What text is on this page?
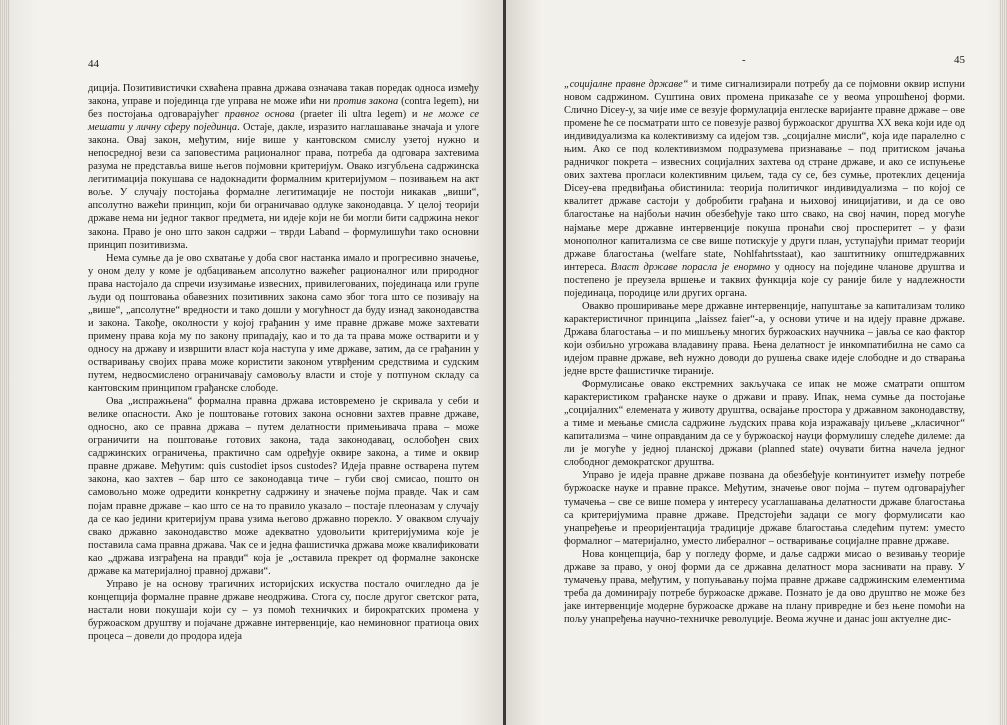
44

диција. Позитивистички схваћена правна држава означава такав поредак односа између закона, управе и појединца где управа не може ићи ни против закона (contra legem), ни без постојања одговарајућег правног основа (praeter ili ultra legem) и не може се мешати у личну сферу појединца. Остаје, дакле, изразито наглашавање значаја и улоге закона. Овај закон, међутим, није више у кантовском смислу узетој нужно и непосредној вези са заповестима рационалног права, потреба да одговара захтевима разума не представља више његов појмовни критеријум. Овако изгубљена садржинска легитимација покушава се надокнадити формалним критеријумом – позивањем на акт воље. У случају постојања формалне легитимације не постоји никакав „виши“, апсолутно важећи принцип, који би ограничавао одлуке законодавца. У целој теорији државе нема ни једног таквог предмета, ни идеје који не би могли бити садржина неког закона. Право је оно што закон садржи – тврди Laband – формулишући тако основни принцип позитивизма.

Нема сумње да је ово схватање у доба свог настанка имало и прогресивно значење, у оном делу у коме је одбацивањем апсолутно важећег рационалног или природног права настојало да спречи изузимање извесних, привилегованих, појединаца или групе људи од поштовања обавезних позитивних закона само због тога што се позивају на „више“, „апсолутне“ вредности и тако дошли у могућност да буду изнад законодавства и закона. Такође, околности у којој грађанин у име правне државе може захтевати примену права која му по закону припадају, као и то да та права може остварити и у односу на државу и извршити власт која наступа у име државе, затим, да се грађанин у остваривању својих права може користити законом утврђеним средствима и судским путем, недвосмислено ограничавају самовољу власти и стоје у потпуном складу са кантовским принципом грађанске слободе.

Ова „испражњена“ формална правна држава истовремено је скривала у себи и велике опасности. Ако је поштовање готових закона основни захтев правне државе, односно, ако се правна држава – путем делатности примењивача права – може ограничити на поштовање готових закона, тада законодавац, ослобођен свих садржинских ограничења, практично сам одређује оквире закона, а тиме и оквир правне државе. Међутим: quis custodiet ipsos custodes? Идеја правне остварена путем закона, као захтев – бар што се законодавца тиче – губи свој смисао, пошто он самовољно може одредити конкретну садржину и значење појма правде. Чак и сам појам правне државе – као што се на то правило указало – постаје плеоназам у случају да се као једини критеријум права узима његово државно порекло. У оваквом случају свако државно законодавство може адекватно удовољити критеријумима које је поставила сама правна држава. Чак се и једна фашистичка држава може квалификовати као „држава изграђена на правди“ која је „оставила прекрет од формалне законске државе ка материјалној правној држави“.

Управо је на основу трагичних историјских искуства постало очигледно да је концепција формалне правне државе неодржива. Стога су, после другог светског рата, настали нови покушаји који су – уз помоћ техничких и бирократских промена у буржоаском друштву и појачане државне интервенције, као неминовног пратиоца ових процеса – довели до продора идеја

-	45

„социјалне правне државе“ и тиме сигнализирали потребу да се појмовни оквир испуни новом садржином. Суштина ових промена приказаће се у веома упрошћеној форми. Слично Dicey-у, за чије име се везује формулација енглеске варијанте правне државе – ове промене ће се посматрати што се повезује развој буржоаског друштва XX века који иде од индивидуализма ка колективизму са идејом тзв. „социјалне мисли“, која иде паралелно с њим. Ако се под колективизмом подразумева признавање – под притиском јачања радничког покрета – извесних социјалних захтева од стране државе, и ако се испуњење ових захтева прогласи колективним циљем, тада су се, без сумње, протеклих деценија Dicey-ева предвиђања обистинила: теорија политичког индивидуализма – по којој се квалитет државе састоји у добробити грађана и њиховој иницијативи, и да се ово благостање на најбољи начин обезбеђује тако што свако, на свој начин, поред могуће најмање мере државне интервенције покуша пронаћи свој просперитет – у фази монополног капитализма се све више потискује у други план, уступајући примат теорији државе благостања (welfare state, Nohlfahrtsstaat), као заштитнику општедржавних интереса. Власт државе порасла је енормно у односу на поједине чланове друштва и постепено је преузела вршење и таквих функција које су раније биле у надлежности појединаца, породице или других органа.

Овакво проширивање мере државне интервенције, напуштање за капитализам толико карактеристичног принципа „laissez faier“-а, у основи утиче и на идеју правне државе. Држава благостања – и по мишљењу многих буржоаских научника – јавља се као фактор који озбиљно угрожава владавину права. Њена делатност је инкомпатибилна не само са идејом правне државе, већ нужно доводи до рушења сваке идеје слободне и до стварања једне врсте фашистичке тираније.

Формулисање овако екстремних закључака се ипак не може сматрати општом карактеристиком грађанске науке о држави и праву. Ипак, нема сумње да постојање „социјалних“ елемената у животу друштва, освајање простора у државном законодавству, а тиме и мењање смисла садржине људских права која изражавају циљеве „класичног“ капитализма – чине оправданим да се у буржоаској науци формулишу следеће дилеме: да ли је могуће у једној планској држави (planned state) очувати битна начела једног слободног демократског друштва.

Управо је идеја правне државе позвана да обезбеђује континуитет између потребе буржоаске науке и правне праксе. Међутим, значење овог појма – путем одговарајућег тумачења – све се више помера у интересу усаглашавања делатности државе благостања са критеријумима правне државе. Предстојећи задаци се могу формулисати као унапређење и преоријентација традиције државе благостања следећим путем: уместо формалног – материјално, уместо либералног – остваривање социјалне правне државе.

Нова концепција, бар у погледу форме, и даље садржи мисао о везивању теорије државе за право, у оној форми да се државна делатност мора заснивати на праву. У тумачењу права, међутим, у попуњавању појма правне државе садржинским елементима треба да доминирају потребе буржоаске државе. Познато је да ово друштво не може без јаке интервенције модерне буржоаске државе на плану привредне и без њене помоћи на пољу унапређења научно-техничке револуције. Веома жучне и данас још актуелне дис-
